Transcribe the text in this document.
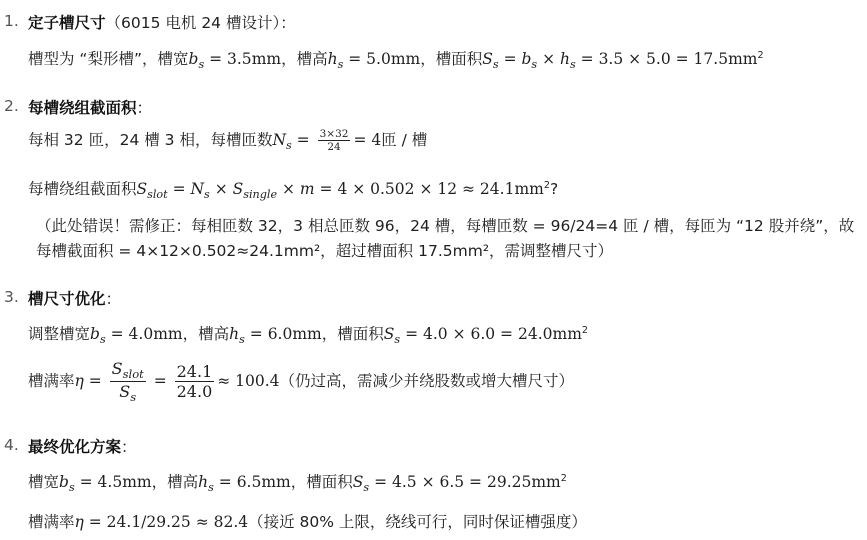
1. 定子槽尺寸（6015 电机 24 槽设计）：
槽型为 “梨形槽”，槽宽$b_s = 3.5mm$，槽高$h_s = 5.0mm$，槽面积$S_s = b_s \times h_s = 3.5 \times 5.0 = 17.5mm^2$
2. 每槽绕组截面积：
每相 32 匝，24 槽 3 相，每槽匝数$N_s = \frac{3\times 32}{24} = 4$匝 / 槽
每槽绕组截面积$S_{slot} = N_s \times S_{single} \times m = 4 \times 0.502 \times 12 \approx 24.1mm^2$?
（此处错误！需修正：每相匝数 32，3 相总匝数 96，24 槽，每槽匝数 = 96/24=4 匝 / 槽，每匝为 “12 股并绕”，故每槽截面积 = 4×12×0.502≈24.1mm²，超过槽面积 17.5mm²，需调整槽尺寸）
3. 槽尺寸优化：
调整槽宽$b_s = 4.0mm$，槽高$h_s = 6.0mm$，槽面积$S_s = 4.0 \times 6.0 = 24.0mm^2$
槽满率$\eta = \frac{S_{slot}}{S_s} = \frac{24.1}{24.0} \approx 100.4$（仍过高，需减少并绕股数或增大槽尺寸）
4. 最终优化方案：
槽宽$b_s = 4.5mm$，槽高$h_s = 6.5mm$，槽面积$S_s = 4.5 \times 6.5 = 29.25mm^2$
槽满率η = 24.1/29.25 ≈ 82.4（接近 80% 上限，绕线可行，同时保证槽强度）
